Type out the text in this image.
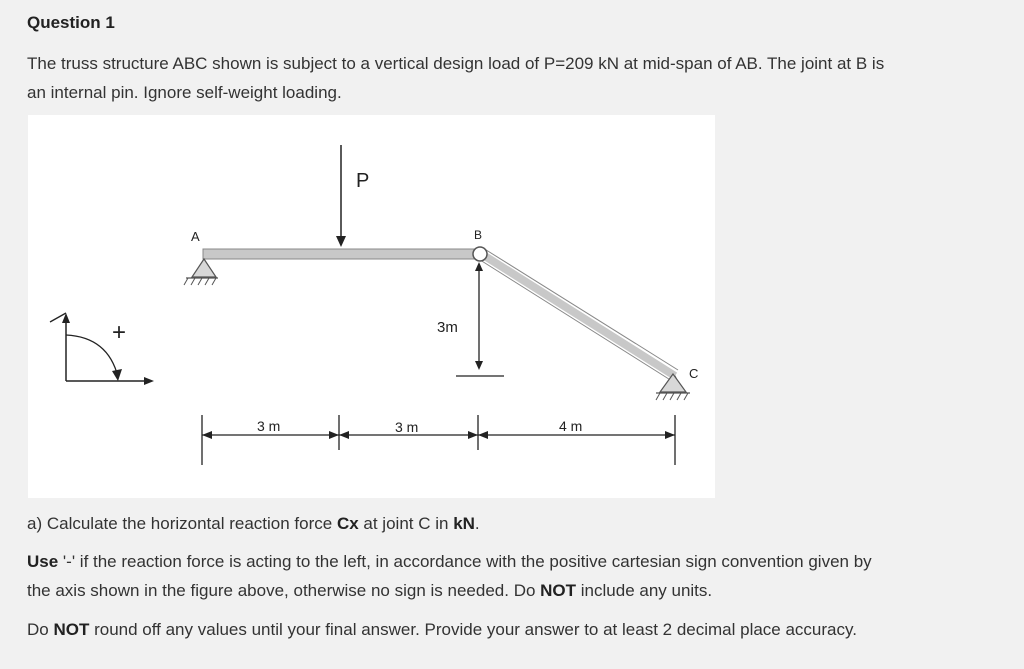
Question 1
The truss structure ABC shown is subject to a vertical design load of P=209 kN at mid-span of AB. The joint at B is
an internal pin. Ignore self-weight loading.
+
P
A	B
C
3m
3 m	3 m	4 m
a) Calculate the horizontal reaction force Cx at joint C in kN.
Use '-' if the reaction force is acting to the left, in accordance with the positive cartesian sign convention given by
the axis shown in the figure above, otherwise no sign is needed. Do NOT include any units.
Do NOT round off any values until your final answer. Provide your answer to at least 2 decimal place accuracy.
